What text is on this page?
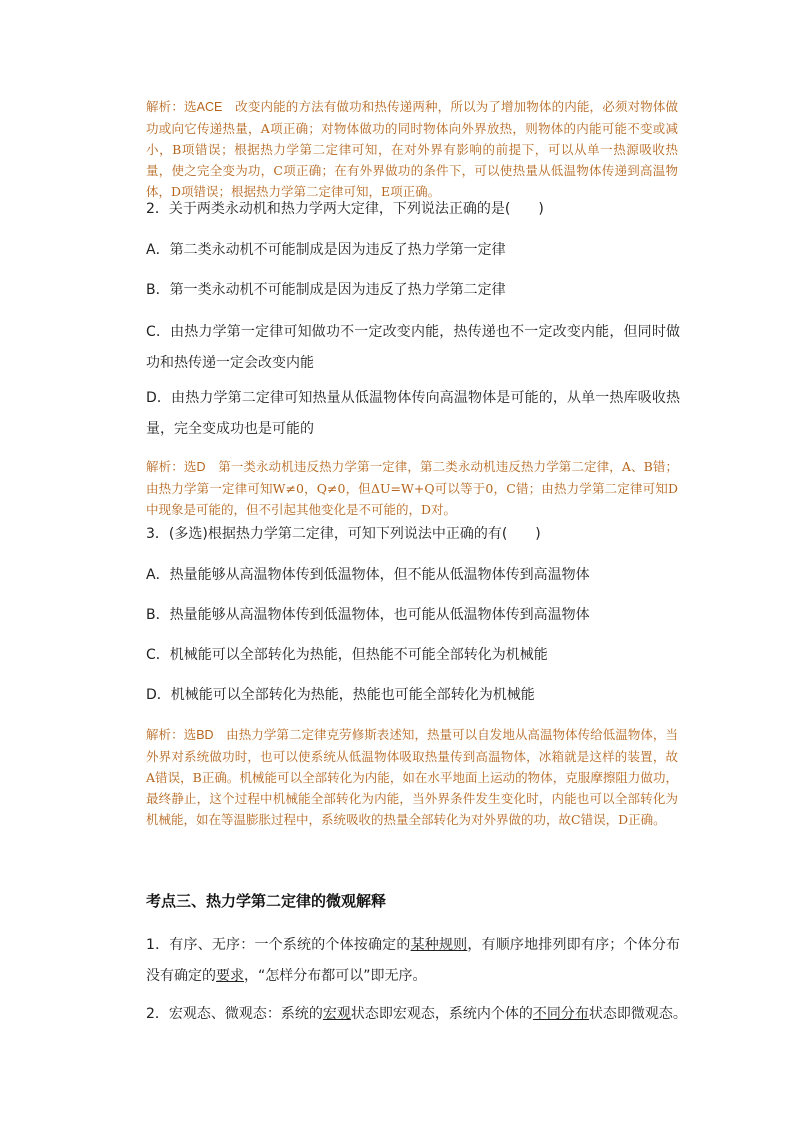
解析：选ACE　改变内能的方法有做功和热传递两种，所以为了增加物体的内能，必须对物体做功或向它传递热量，A项正确；对物体做功的同时物体向外界放热，则物体的内能可能不变或减小，B项错误；根据热力学第二定律可知，在对外界有影响的前提下，可以从单一热源吸收热量，使之完全变为功，C项正确；在有外界做功的条件下，可以使热量从低温物体传递到高温物体，D项错误；根据热力学第二定律可知，E项正确。
2．关于两类永动机和热力学两大定律，下列说法正确的是(　　)
A．第二类永动机不可能制成是因为违反了热力学第一定律
B．第一类永动机不可能制成是因为违反了热力学第二定律
C．由热力学第一定律可知做功不一定改变内能，热传递也不一定改变内能，但同时做功和热传递一定会改变内能
D．由热力学第二定律可知热量从低温物体传向高温物体是可能的，从单一热库吸收热量，完全变成功也是可能的
解析：选D　第一类永动机违反热力学第一定律，第二类永动机违反热力学第二定律，A、B错；由热力学第一定律可知W≠0，Q≠0，但ΔU=W+Q可以等于0，C错；由热力学第二定律可知D中现象是可能的，但不引起其他变化是不可能的，D对。
3．(多选)根据热力学第二定律，可知下列说法中正确的有(　　)
A．热量能够从高温物体传到低温物体，但不能从低温物体传到高温物体
B．热量能够从高温物体传到低温物体，也可能从低温物体传到高温物体
C．机械能可以全部转化为热能，但热能不可能全部转化为机械能
D．机械能可以全部转化为热能，热能也可能全部转化为机械能
解析：选BD　由热力学第二定律克劳修斯表述知，热量可以自发地从高温物体传给低温物体，当外界对系统做功时，也可以使系统从低温物体吸取热量传到高温物体，冰箱就是这样的装置，故A错误，B正确。机械能可以全部转化为内能，如在水平地面上运动的物体，克服摩擦阻力做功，最终静止，这个过程中机械能全部转化为内能，当外界条件发生变化时，内能也可以全部转化为机械能，如在等温膨胀过程中，系统吸收的热量全部转化为对外界做的功，故C错误，D正确。
考点三、热力学第二定律的微观解释
1．有序、无序：一个系统的个体按确定的某种规则，有顺序地排列即有序；个体分布没有确定的要求，“怎样分布都可以”即无序。
2．宏观态、微观态：系统的宏观状态即宏观态，系统内个体的不同分布状态即微观态。
